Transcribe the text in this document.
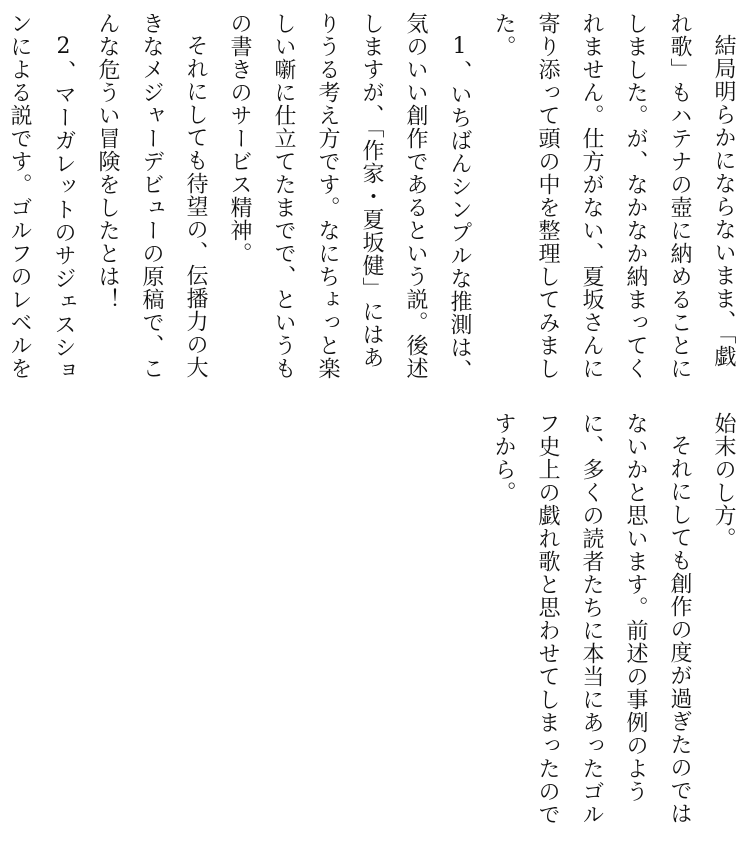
結局明らかにならないまま、「戯れ歌」もハテナの壺に納めることにしました。が、なかなか納まってくれません。仕方がない、夏坂さんに寄り添って頭の中を整理してみました。

1、いちばんシンプルな推測は、気のいい創作であるという説。後述しますが、「作家・夏坂健」にはありうる考え方です。なにちょっと楽しい噺に仕立てたまでで、というもの書きのサービス精神。

それにしても待望の、伝播力の大きなメジャーデビューの原稿で、こんな危うい冒険をしたとは！

2、マーガレットのサジェスションによる説です。ゴルフのレベルを

始末のし方。

それにしても創作の度が過ぎたのではないかと思います。前述の事例のように、多くの読者たちに本当にあったゴルフ史上の戯れ歌と思わせてしまったのですから。
